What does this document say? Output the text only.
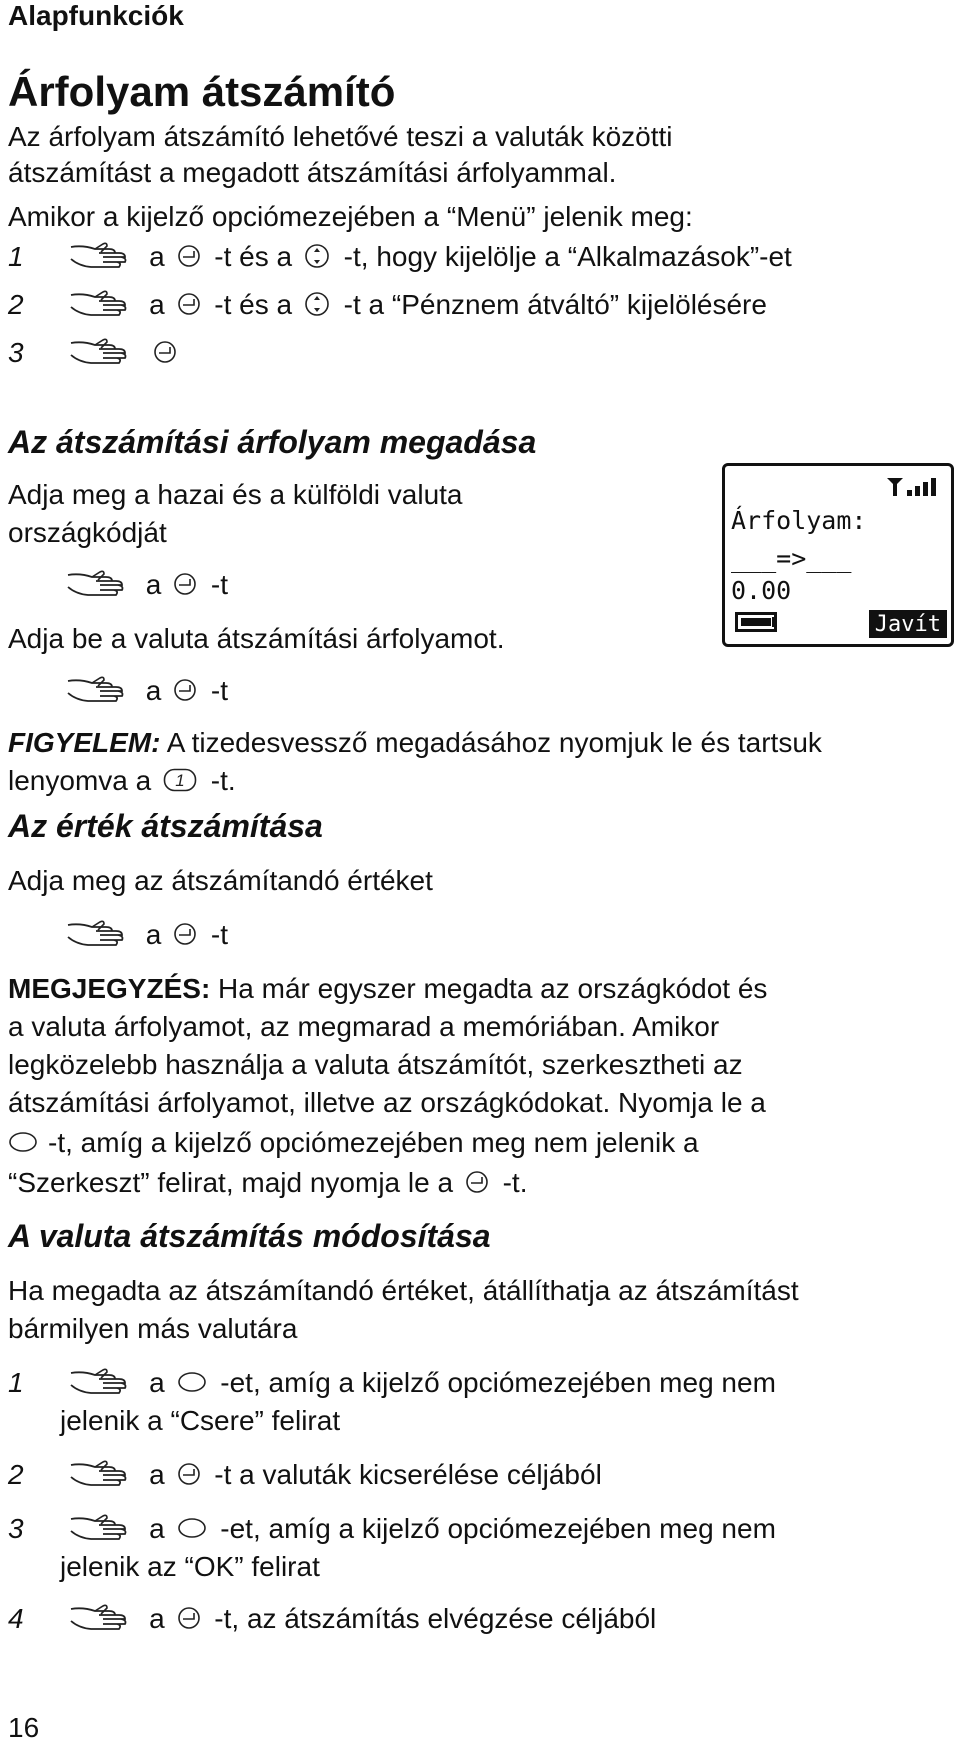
Alapfunkciók
Árfolyam átszámító
Az árfolyam átszámító lehetővé teszi a valuták közötti
átszámítást a megadott átszámítási árfolyammal.
Amikor a kijelző opciómezejében a “Menü” jelenik meg:
1	a -t és a -t, hogy kijelölje a “Alkalmazások”-et
2	a -t és a -t a “Pénznem átváltó” kijelölésére
3

Az átszámítási árfolyam megadása
Adja meg a hazai és a külföldi valuta
országkódját
a -t
Adja be a valuta átszámítási árfolyamot.
a -t
FIGYELEM: A tizedesvessző megadásához nyomjuk le és tartsuk
lenyomva a 1 -t.
Árfolyam:
___=>___
0.00
Javít
Az érték átszámítása
Adja meg az átszámítandó értéket
a -t
MEGJEGYZÉS: Ha már egyszer megadta az országkódot és
a valuta árfolyamot, az megmarad a memóriában. Amikor
legközelebb használja a valuta átszámítót, szerkesztheti az
átszámítási árfolyamot, illetve az országkódokat. Nyomja le a
-t, amíg a kijelző opciómezejében meg nem jelenik a
“Szerkeszt” felirat, majd nyomja le a -t.
A valuta átszámítás módosítása
Ha megadta az átszámítandó értéket, átállíthatja az átszámítást
bármilyen más valutára
1	a -et, amíg a kijelző opciómezejében meg nem
jelenik a “Csere” felirat
2	a -t a valuták kicserélése céljából
3	a -et, amíg a kijelző opciómezejében meg nem
jelenik az “OK” felirat
4	a -t, az átszámítás elvégzése céljából
16
